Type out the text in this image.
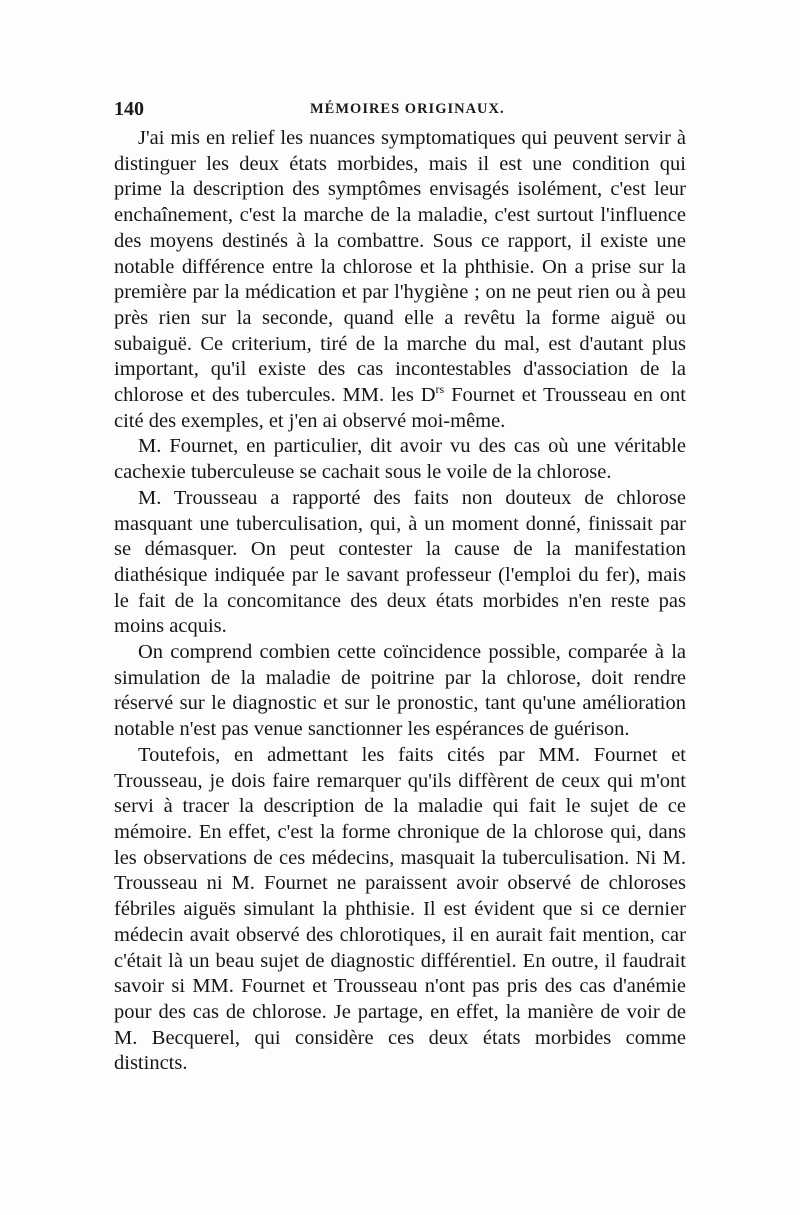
140	MÉMOIRES ORIGINAUX.

J'ai mis en relief les nuances symptomatiques qui peuvent servir à distinguer les deux états morbides, mais il est une condition qui prime la description des symptômes envisagés isolément, c'est leur enchaînement, c'est la marche de la maladie, c'est surtout l'influence des moyens destinés à la combattre. Sous ce rapport, il existe une notable différence entre la chlorose et la phthisie. On a prise sur la première par la médication et par l'hygiène ; on ne peut rien ou à peu près rien sur la seconde, quand elle a revêtu la forme aiguë ou subaiguë. Ce criterium, tiré de la marche du mal, est d'autant plus important, qu'il existe des cas incontestables d'association de la chlorose et des tubercules. MM. les $D^{rs}$ Fournet et Trousseau en ont cité des exemples, et j'en ai observé moi-même.

M. Fournet, en particulier, dit avoir vu des cas où une véritable cachexie tuberculeuse se cachait sous le voile de la chlorose.

M. Trousseau a rapporté des faits non douteux de chlorose masquant une tuberculisation, qui, à un moment donné, finissait par se démasquer. On peut contester la cause de la manifestation diathésique indiquée par le savant professeur (l'emploi du fer), mais le fait de la concomitance des deux états morbides n'en reste pas moins acquis.

On comprend combien cette coïncidence possible, comparée à la simulation de la maladie de poitrine par la chlorose, doit rendre réservé sur le diagnostic et sur le pronostic, tant qu'une amélioration notable n'est pas venue sanctionner les espérances de guérison.

Toutefois, en admettant les faits cités par MM. Fournet et Trousseau, je dois faire remarquer qu'ils diffèrent de ceux qui m'ont servi à tracer la description de la maladie qui fait le sujet de ce mémoire. En effet, c'est la forme chronique de la chlorose qui, dans les observations de ces médecins, masquait la tuberculisation. Ni M. Trousseau ni M. Fournet ne paraissent avoir observé de chloroses fébriles aiguës simulant la phthisie. Il est évident que si ce dernier médecin avait observé des chlorotiques, il en aurait fait mention, car c'était là un beau sujet de diagnostic différentiel. En outre, il faudrait savoir si MM. Fournet et Trousseau n'ont pas pris des cas d'anémie pour des cas de chlorose. Je partage, en effet, la manière de voir de M. Becquerel, qui considère ces deux états morbides comme distincts.
